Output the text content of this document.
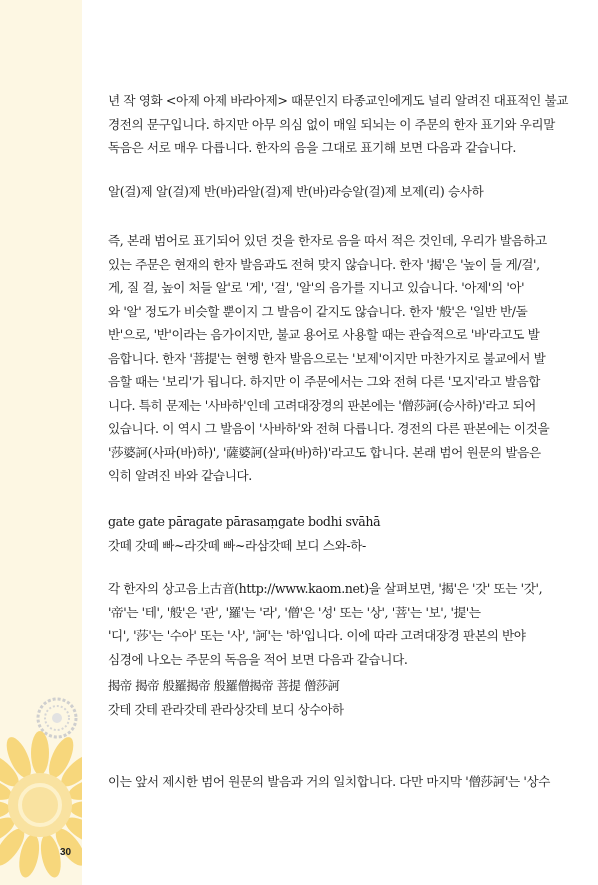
년 작 영화 <아제 아제 바라아제> 때문인지 타종교인에게도 널리 알려진 대표적인 불교
경전의 문구입니다. 하지만 아무 의심 없이 매일 되뇌는 이 주문의 한자 표기와 우리말
독음은 서로 매우 다릅니다. 한자의 음을 그대로 표기해 보면 다음과 같습니다.

알(걸)제 알(걸)제 반(바)라알(걸)제 반(바)라승알(걸)제 보제(리) 승사하

즉, 본래 범어로 표기되어 있던 것을 한자로 음을 따서 적은 것인데, 우리가 발음하고
있는 주문은 현재의 한자 발음과도 전혀 맞지 않습니다. 한자 '揭'은 '높이 들 게/걸',
게, 질 걸, 높이 처들 알'로 '게', '걸', '알'의 음가를 지니고 있습니다. '아제'의 '아'
와 '알' 정도가 비슷할 뿐이지 그 발음이 같지도 않습니다. 한자 '般'은 '일반 반/돌
반'으로, '반'이라는 음가이지만, 불교 용어로 사용할 때는 관습적으로 '바'라고도 발
음합니다. 한자 '菩提'는 현행 한자 발음으로는 '보제'이지만 마찬가지로 불교에서 발
음할 때는 '보리'가 됩니다. 하지만 이 주문에서는 그와 전혀 다른 '모지'라고 발음합
니다. 특히 문제는 '사바하'인데 고려대장경의 판본에는 '僧莎訶(승사하)'라고 되어
있습니다. 이 역시 그 발음이 '사바하'와 전혀 다릅니다. 경전의 다른 판본에는 이것을
'莎婆訶(사파(바)하)', '薩婆訶(살파(바)하)'라고도 합니다. 본래 범어 원문의 발음은
익히 알려진 바와 같습니다.

gate gate pāragate pārasaṃgate bodhi svāhā
갓떼 갓떼 빠~라갓떼 빠~라삼갓떼 보디 스와-하-

각 한자의 상고음上古音(http://www.kaom.net)을 살펴보면, '揭'은 '갓' 또는 '갓',
'帝'는 '테', '般'은 '관', '羅'는 '라', '僧'은 '성' 또는 '상', '菩'는 '보', '提'는
'디', '莎'는 '수아' 또는 '사', '訶'는 '하'입니다. 이에 따라 고려대장경 판본의 반야
심경에 나오는 주문의 독음을 적어 보면 다음과 같습니다.

揭帝 揭帝 般羅揭帝 般羅僧揭帝 菩提 僧莎訶
갓테 갓테 관라갓테 관라상갓테 보디 상수아하

이는 앞서 제시한 범어 원문의 발음과 거의 일치합니다. 다만 마지막 '僧莎訶'는 '상수

30
